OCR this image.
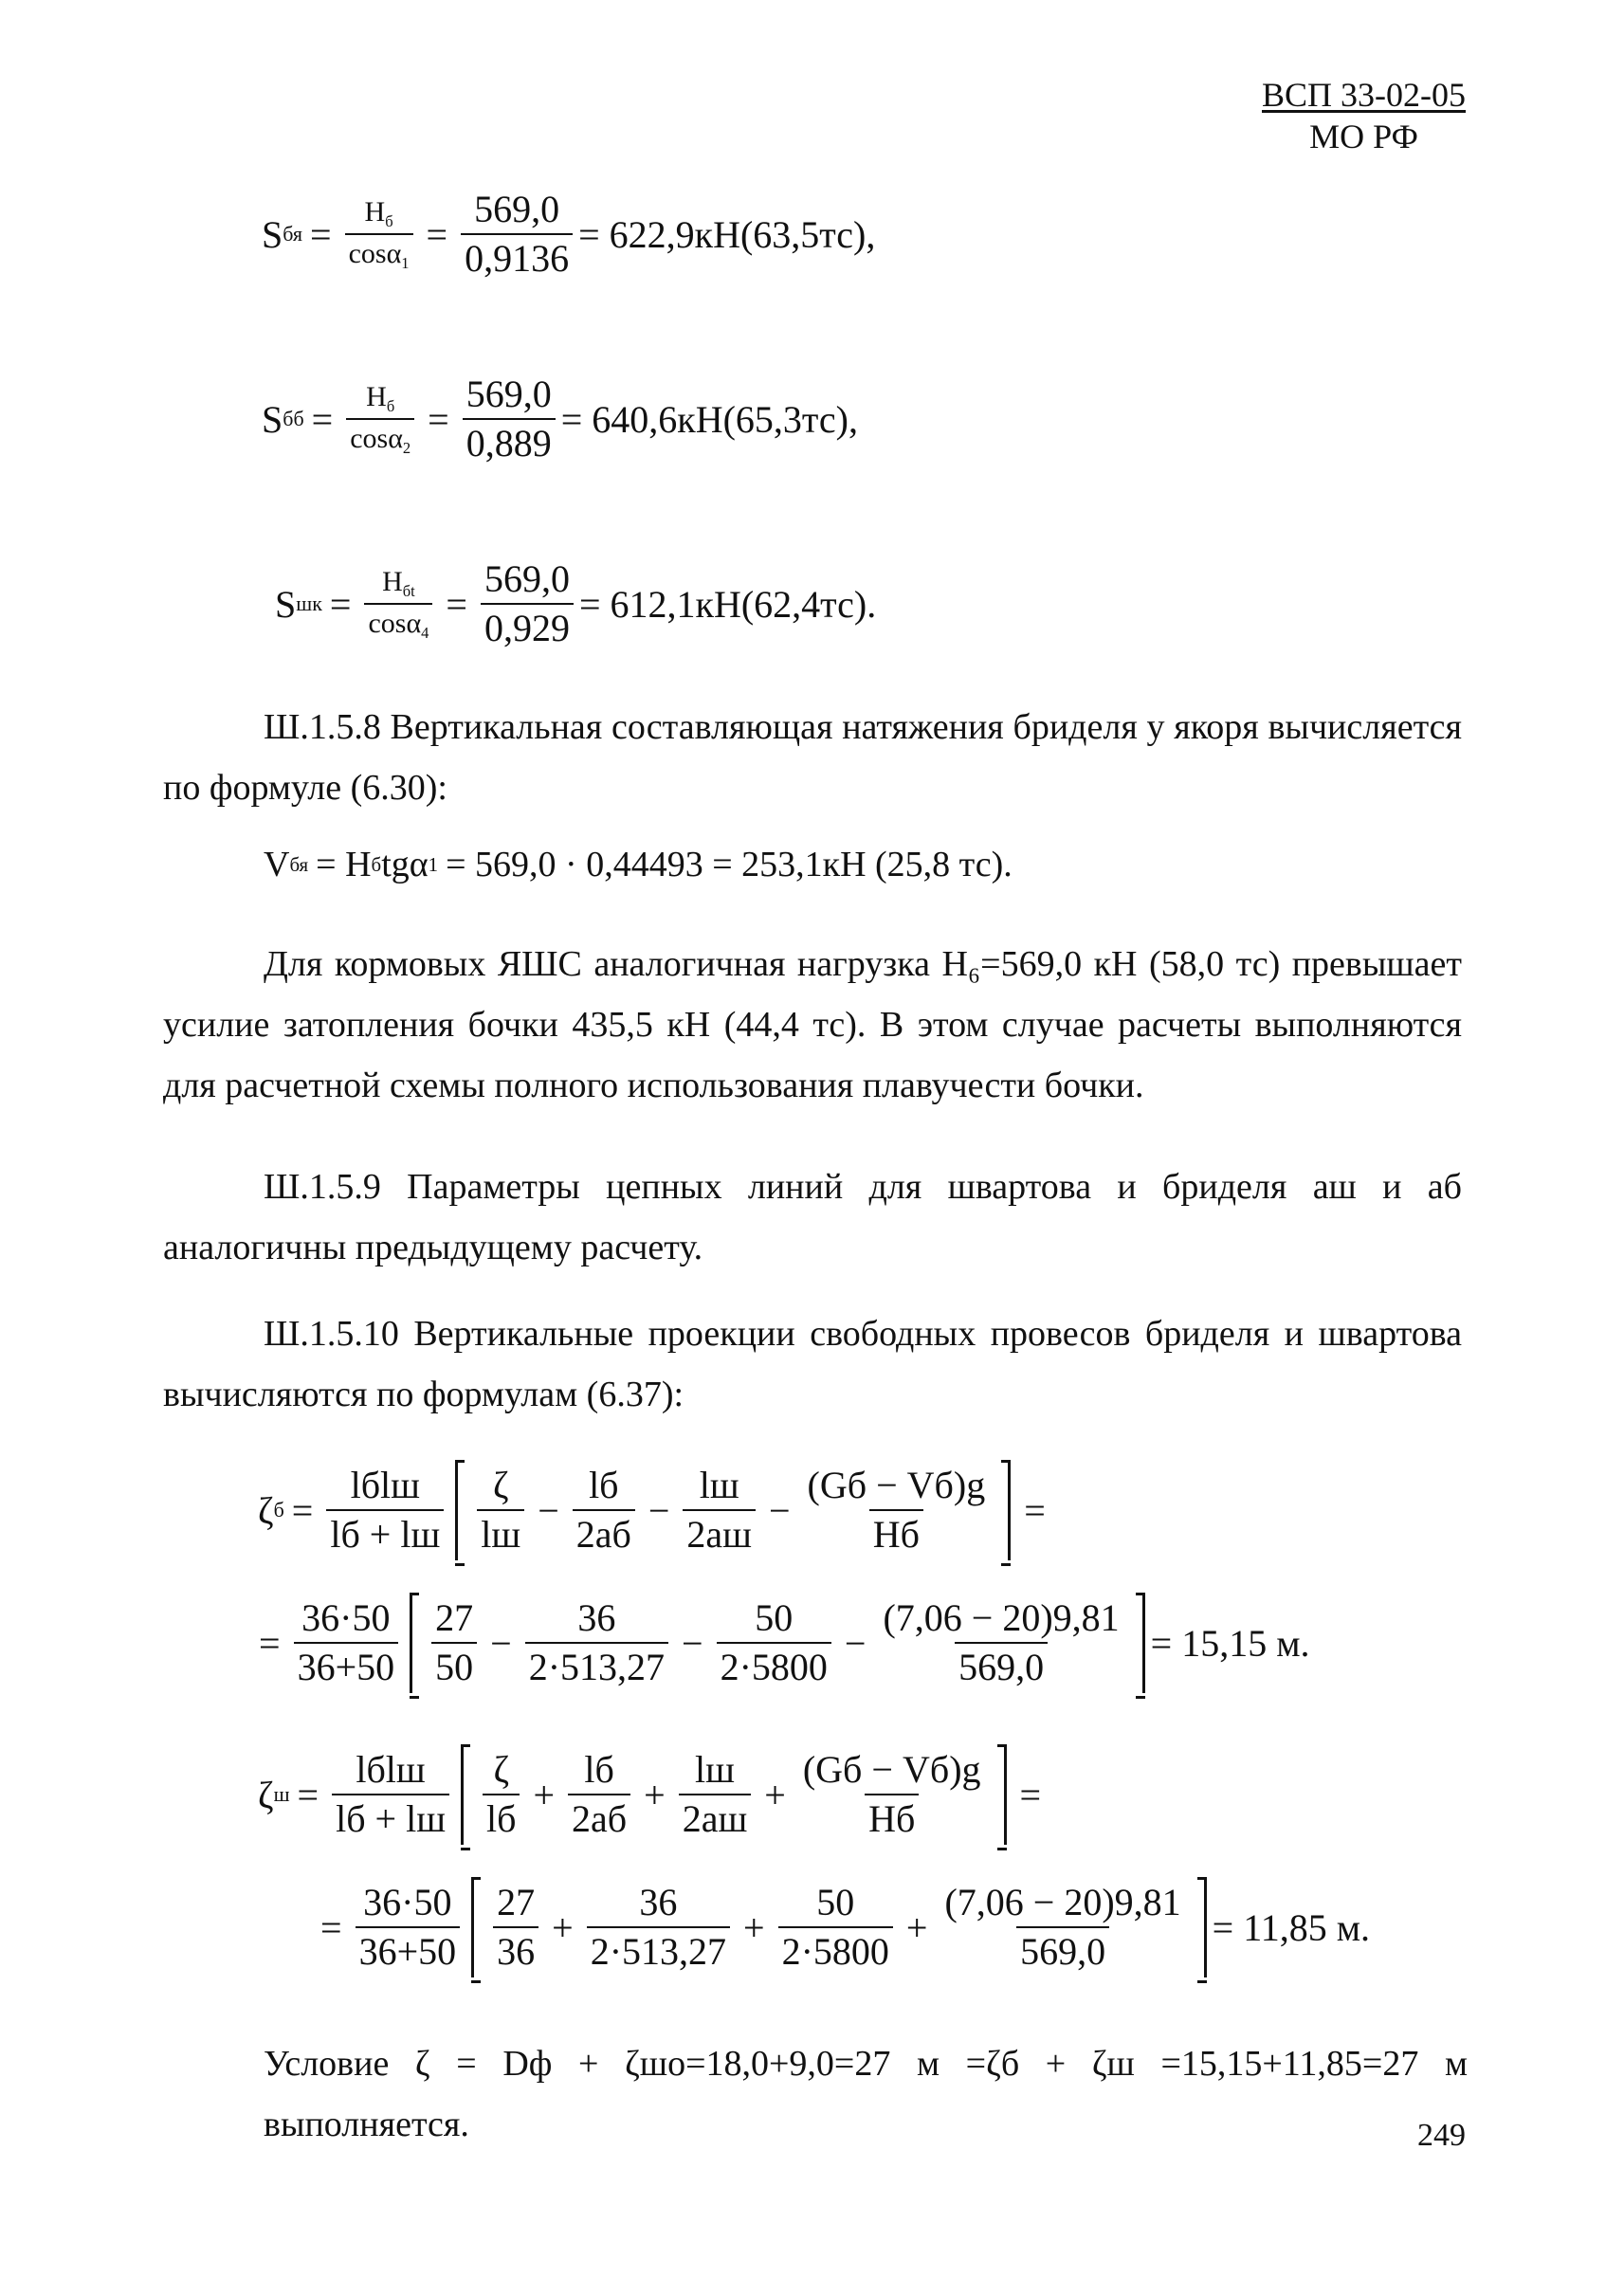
ВСП 33-02-05
МО РФ
S бя = $\frac{H_б}{\cos\alpha_1} = \frac{569,0}{0,9136} = 622,9кН(63,5тс)$,
S бб = $\frac{H_б}{\cos\alpha_2} = \frac{569,0}{0,889} = 640,6кН(65,3тс)$,
S шк = $\frac{H_{бt}}{\cos\alpha_4} = \frac{569,0}{0,929} = 612,1кН(62,4тс)$.
Ш.1.5.8 Вертикальная составляющая натяжения бриделя у якоря вычисляется по формуле (6.30):
V бя = H б tgα 1 = 569,0 · 0,44493 = 253,1кН (25,8 тс).
Для кормовых ЯШС аналогичная нагрузка H₆=569,0 кН (58,0 тс) превышает усилие затопления бочки 435,5 кН (44,4 тс). В этом случае расчеты выполняются для расчетной схемы полного использования плавучести бочки.
Ш.1.5.9 Параметры цепных линий для швартова и бриделя aш и aб аналогичны предыдущему расчету.
Ш.1.5.10 Вертикальные проекции свободных провесов бриделя и швартова вычисляются по формулам (6.37):
ζ $б = \frac{\text{lбlш}}{lб + lш} \frac{\zeta}{lш} - \frac{lб}{2aб} - \frac{lш}{2aш} - \frac{(Gб - Vб)g}{Hб}$ =
= $\frac{36\cdot 50}{36+50} \frac{27}{50} - \frac{36}{2\cdot 513,27} - \frac{50}{2\cdot 5800} - \frac{(7,06 - 20)9,81}{569,0} = 15,15$ м.
ζ $ш = \frac{\text{lбlш}}{lб + lш} \frac{\zeta}{lб} + \frac{lб}{2aб} + \frac{lш}{2aш} + \frac{(Gб - Vб)g}{Hб}$ =
= $\frac{36\cdot 50}{36+50} \frac{27}{36} + \frac{36}{2\cdot 513,27} + \frac{50}{2\cdot 5800} + \frac{(7,06 - 20)9,81}{569,0} = 11,85$ м.
Условие ζ = Dф + ζшо=18,0+9,0=27 м =ζб + ζш =15,15+11,85=27 м выполняется.	249
